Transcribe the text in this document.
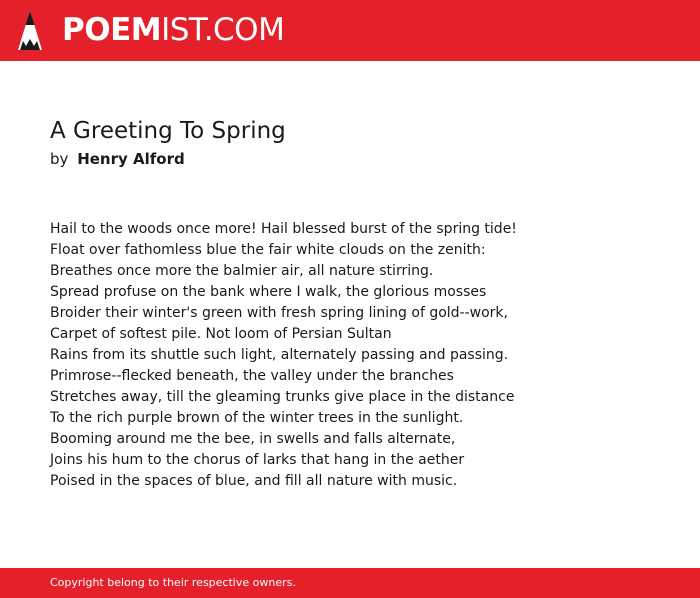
POEMIST.COM
A Greeting To Spring
by Henry Alford
Hail to the woods once more! Hail blessed burst of the spring tide!
Float over fathomless blue the fair white clouds on the zenith:
Breathes once more the balmier air, all nature stirring.
Spread profuse on the bank where I walk, the glorious mosses
Broider their winter's green with fresh spring lining of gold--work,
Carpet of softest pile. Not loom of Persian Sultan
Rains from its shuttle such light, alternately passing and passing.
Primrose--flecked beneath, the valley under the branches
Stretches away, till the gleaming trunks give place in the distance
To the rich purple brown of the winter trees in the sunlight.
Booming around me the bee, in swells and falls alternate,
Joins his hum to the chorus of larks that hang in the aether
Poised in the spaces of blue, and fill all nature with music.
Copyright belong to their respective owners.
